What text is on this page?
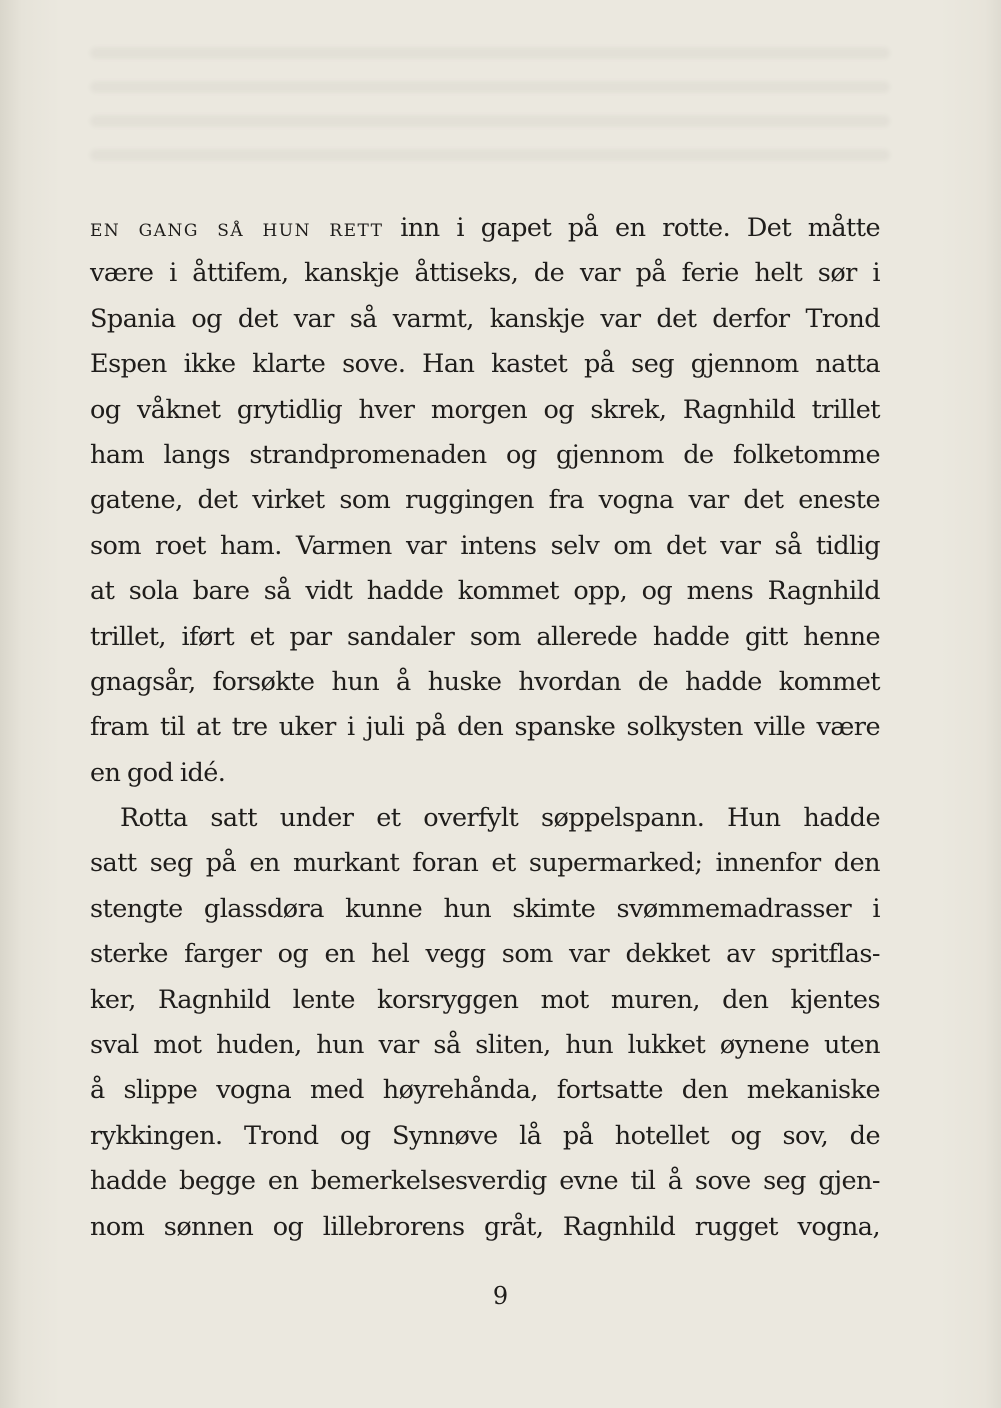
en gang så hun rett inn i gapet på en rotte. Det måtte
være i åttifem, kanskje åttiseks, de var på ferie helt sør i
Spania og det var så varmt, kanskje var det derfor Trond
Espen ikke klarte sove. Han kastet på seg gjennom natta
og våknet grytidlig hver morgen og skrek, Ragnhild trillet
ham langs strandpromenaden og gjennom de folketomme
gatene, det virket som ruggingen fra vogna var det eneste
som roet ham. Varmen var intens selv om det var så tidlig
at sola bare så vidt hadde kommet opp, og mens Ragnhild
trillet, iført et par sandaler som allerede hadde gitt henne
gnagsår, forsøkte hun å huske hvordan de hadde kommet
fram til at tre uker i juli på den spanske solkysten ville være
en god idé.
Rotta satt under et overfylt søppelspann. Hun hadde
satt seg på en murkant foran et supermarked; innenfor den
stengte glassdøra kunne hun skimte svømmemadrasser i
sterke farger og en hel vegg som var dekket av spritflas-
ker, Ragnhild lente korsryggen mot muren, den kjentes
sval mot huden, hun var så sliten, hun lukket øynene uten
å slippe vogna med høyrehånda, fortsatte den mekaniske
rykkingen. Trond og Synnøve lå på hotellet og sov, de
hadde begge en bemerkelsesverdig evne til å sove seg gjen-
nom sønnen og lillebrorens gråt, Ragnhild rugget vogna,
9
